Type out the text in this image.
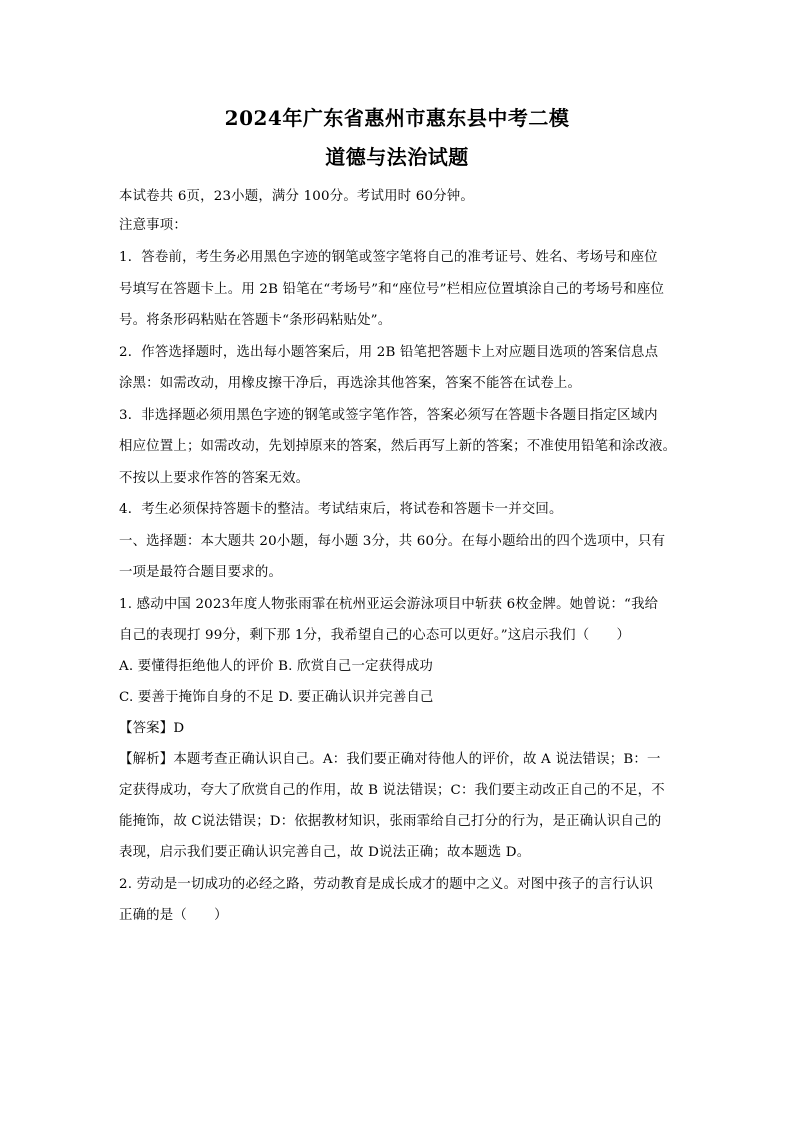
2024年广东省惠州市惠东县中考二模
道德与法治试题
本试卷共 6页，23小题，满分 100分。考试用时 60分钟。
注意事项：
1．答卷前，考生务必用黑色字迹的钢笔或签字笔将自己的准考证号、姓名、考场号和座位
号填写在答题卡上。用 2B 铅笔在“考场号”和“座位号”栏相应位置填涂自己的考场号和座位
号。将条形码粘贴在答题卡“条形码粘贴处”。
2．作答选择题时，选出每小题答案后，用 2B 铅笔把答题卡上对应题目选项的答案信息点
涂黑：如需改动，用橡皮擦干净后，再选涂其他答案，答案不能答在试卷上。
3．非选择题必须用黑色字迹的钢笔或签字笔作答，答案必须写在答题卡各题目指定区域内
相应位置上；如需改动，先划掉原来的答案，然后再写上新的答案；不准使用铅笔和涂改液。
不按以上要求作答的答案无效。
4．考生必须保持答题卡的整洁。考试结束后，将试卷和答题卡一并交回。
一、选择题：本大题共 20小题，每小题 3分，共 60分。在每小题给出的四个选项中，只有
一项是最符合题目要求的。
1. 感动中国 2023年度人物张雨霏在杭州亚运会游泳项目中斩获 6枚金牌。她曾说：“我给
自己的表现打 99分，剩下那 1分，我希望自己的心态可以更好。”这启示我们（　　）
A. 要懂得拒绝他人的评价 B. 欣赏自己一定获得成功
C. 要善于掩饰自身的不足 D. 要正确认识并完善自己
【答案】D
【解析】本题考查正确认识自己。A：我们要正确对待他人的评价，故 A 说法错误；B：一
定获得成功，夸大了欣赏自己的作用，故 B 说法错误；C：我们要主动改正自己的不足，不
能掩饰，故 C说法错误；D：依据教材知识，张雨霏给自己打分的行为，是正确认识自己的
表现，启示我们要正确认识完善自己，故 D说法正确；故本题选 D。
2. 劳动是一切成功的必经之路，劳动教育是成长成才的题中之义。对图中孩子的言行认识
正确的是（　　）
